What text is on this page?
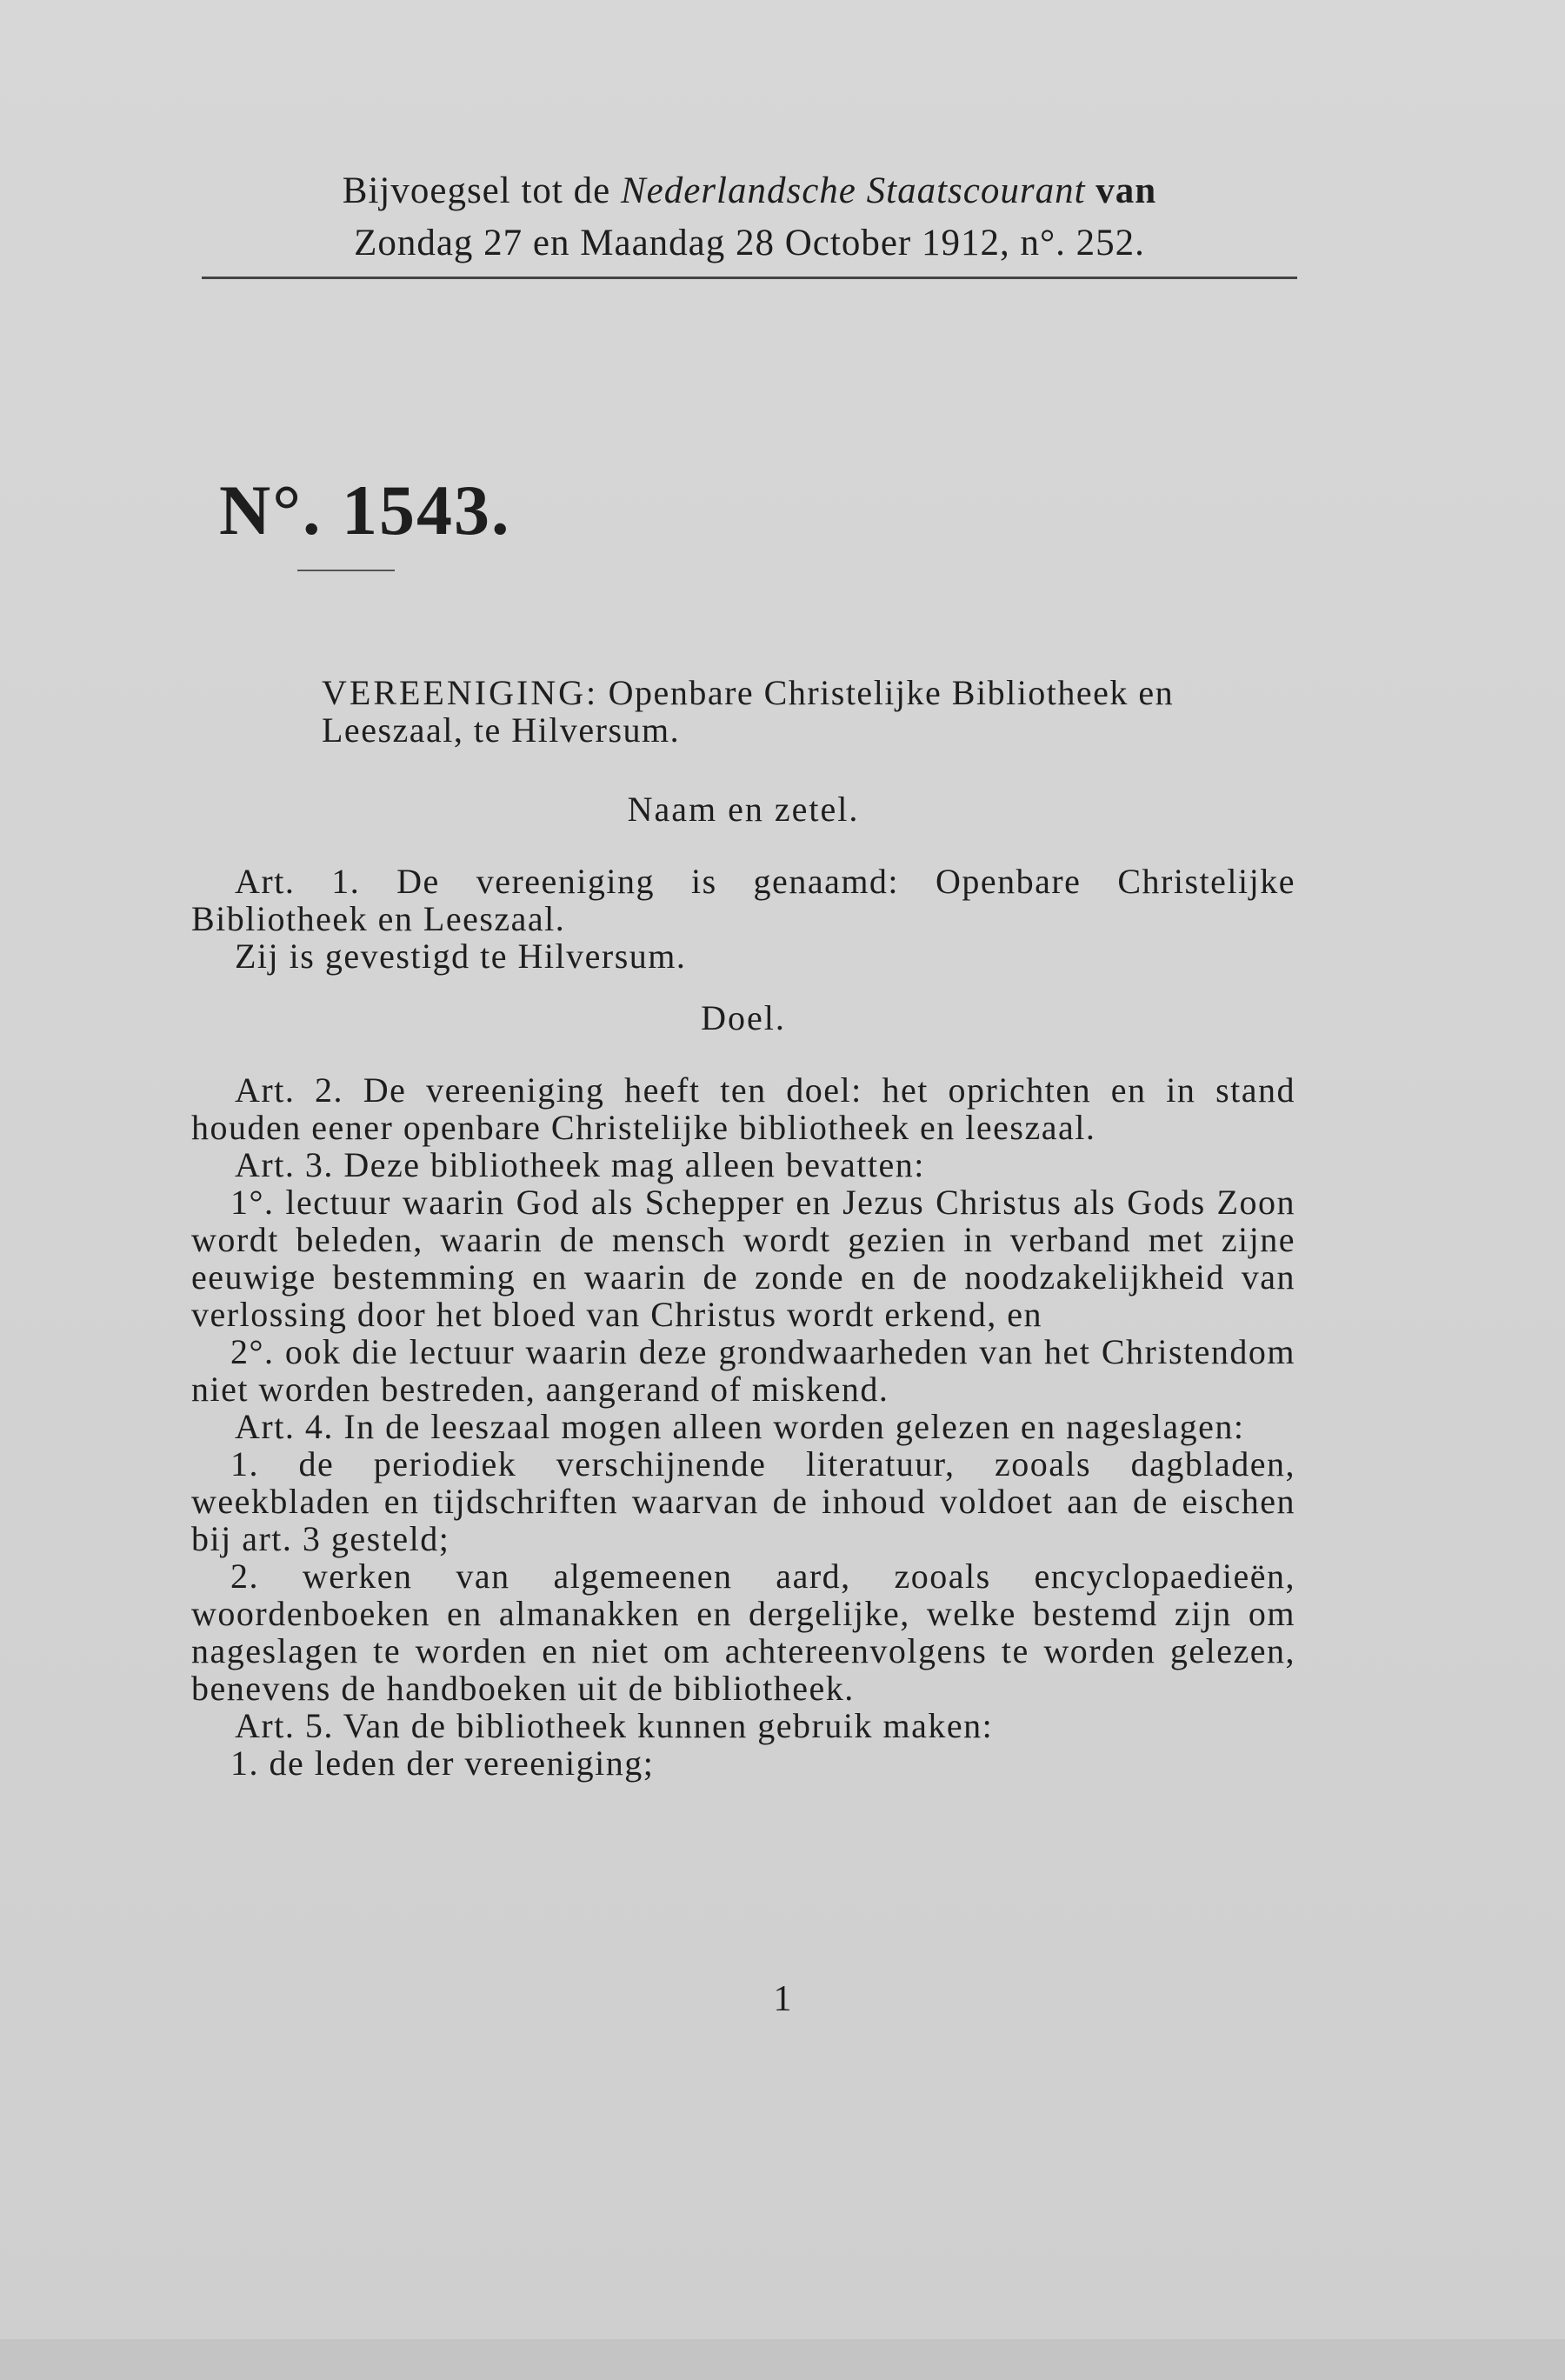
Bijvoegsel tot de Nederlandsche Staatscourant van
Zondag 27 en Maandag 28 October 1912, n°. 252.
N°. 1543.
VEREENIGING: Openbare Christelijke Bibliotheek en Leeszaal, te Hilversum.
Naam en zetel.
Art. 1. De vereeniging is genaamd: Openbare Christelijke Bibliotheek en Leeszaal.
Zij is gevestigd te Hilversum.
Doel.
Art. 2. De vereeniging heeft ten doel: het oprichten en in stand houden eener openbare Christelijke bibliotheek en leeszaal.
Art. 3. Deze bibliotheek mag alleen bevatten:
1°. lectuur waarin God als Schepper en Jezus Christus als Gods Zoon wordt beleden, waarin de mensch wordt gezien in verband met zijne eeuwige bestemming en waarin de zonde en de noodzakelijkheid van verlossing door het bloed van Christus wordt erkend, en
2°. ook die lectuur waarin deze grondwaarheden van het Christendom niet worden bestreden, aangerand of miskend.
Art. 4. In de leeszaal mogen alleen worden gelezen en nageslagen:
1. de periodiek verschijnende literatuur, zooals dagbladen, weekbladen en tijdschriften waarvan de inhoud voldoet aan de eischen bij art. 3 gesteld;
2. werken van algemeenen aard, zooals encyclopaedieën, woordenboeken en almanakken en dergelijke, welke bestemd zijn om nageslagen te worden en niet om achtereenvolgens te worden gelezen, benevens de handboeken uit de bibliotheek.
Art. 5. Van de bibliotheek kunnen gebruik maken:
1. de leden der vereeniging;
1
